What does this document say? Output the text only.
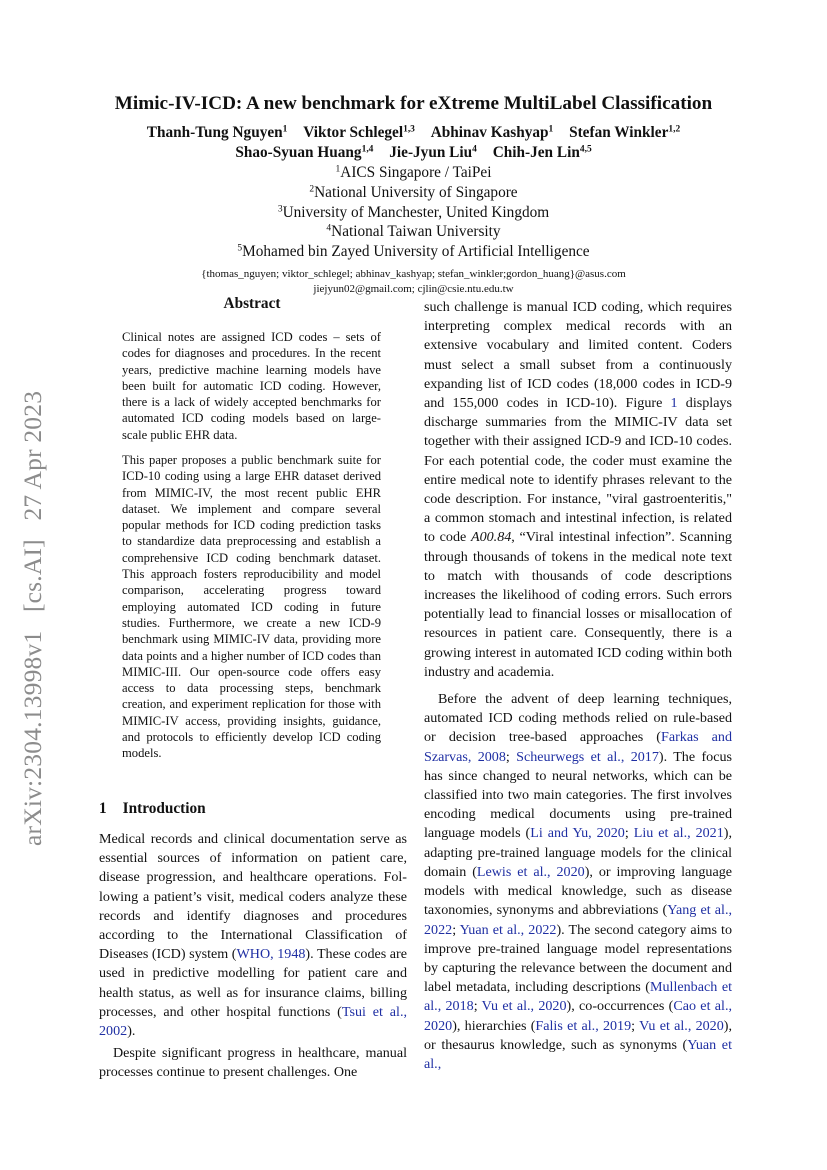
arXiv:2304.13998v1 [cs.AI] 27 Apr 2023
Mimic-IV-ICD: A new benchmark for eXtreme MultiLabel Classification
Thanh-Tung Nguyen$^1$ Viktor Schlegel$^{1,3}$ Abhinav Kashyap$^1$ Stefan Winkler$^{1,2}$
Shao-Syuan Huang$^{1,4}$ Jie-Jyun Liu$^4$ Chih-Jen Lin$^{4,5}$
$^1$AICS Singapore / TaiPei
$^2$National University of Singapore
$^3$University of Manchester, United Kingdom
$^4$National Taiwan University
$^5$Mohamed bin Zayed University of Artificial Intelligence
{thomas_nguyen; viktor_schlegel; abhinav_kashyap; stefan_winkler;gordon_huang}@asus.com
jiejyun02@gmail.com; cjlin@csie.ntu.edu.tw
Abstract

Clinical notes are assigned ICD codes – sets of codes for diagnoses and procedures. In the recent years, predictive machine learning models have been built for automatic ICD coding. However, there is a lack of widely accepted benchmarks for automated ICD coding models based on large-scale public EHR data.

This paper proposes a public benchmark suite for ICD-10 coding using a large EHR dataset derived from MIMIC-IV, the most recent public EHR dataset. We implement and compare several popular methods for ICD coding prediction tasks to standardize data preprocessing and establish a comprehensive ICD coding benchmark dataset. This approach fosters reproducibility and model comparison, accelerating progress toward employing automated ICD coding in future studies. Furthermore, we create a new ICD-9 benchmark using MIMIC-IV data, providing more data points and a higher number of ICD codes than MIMIC-III. Our open-source code offers easy access to data processing steps, benchmark creation, and experiment replication for those with MIMIC-IV access, providing insights, guidance, and protocols to efficiently develop ICD coding models.

1 Introduction

Medical records and clinical documentation serve as essential sources of information on patient care, disease progression, and healthcare operations. Following a patient’s visit, medical coders analyze these records and identify diagnoses and procedures according to the International Classification of Diseases (ICD) system (WHO, 1948). These codes are used in predictive modelling for patient care and health status, as well as for insurance claims, billing processes, and other hospital functions (Tsui et al., 2002).

Despite significant progress in healthcare, manual processes continue to present challenges. One

such challenge is manual ICD coding, which requires interpreting complex medical records with an extensive vocabulary and limited content. Coders must select a small subset from a continuously expanding list of ICD codes (18,000 codes in ICD-9 and 155,000 codes in ICD-10). Figure 1 displays discharge summaries from the MIMIC-IV data set together with their assigned ICD-9 and ICD-10 codes. For each potential code, the coder must examine the entire medical note to identify phrases relevant to the code description. For instance, "viral gastroenteritis," a common stomach and intestinal infection, is related to code A00.84, “Viral intestinal infection”. Scanning through thousands of tokens in the medical note text to match with thousands of code descriptions increases the likelihood of coding errors. Such errors potentially lead to financial losses or misallocation of resources in patient care. Consequently, there is a growing interest in automated ICD coding within both industry and academia.

Before the advent of deep learning techniques, automated ICD coding methods relied on rule-based or decision tree-based approaches (Farkas and Szarvas, 2008; Scheurwegs et al., 2017). The focus has since changed to neural networks, which can be classified into two main categories. The first involves encoding medical documents using pre-trained language models (Li and Yu, 2020; Liu et al., 2021), adapting pre-trained language models for the clinical domain (Lewis et al., 2020), or improving language models with medical knowledge, such as disease taxonomies, synonyms and abbreviations (Yang et al., 2022; Yuan et al., 2022). The second category aims to improve pre-trained language model representations by capturing the relevance between the document and label metadata, including descriptions (Mullenbach et al., 2018; Vu et al., 2020), co-occurrences (Cao et al., 2020), hierarchies (Falis et al., 2019; Vu et al., 2020), or thesaurus knowledge, such as synonyms (Yuan et al.,
